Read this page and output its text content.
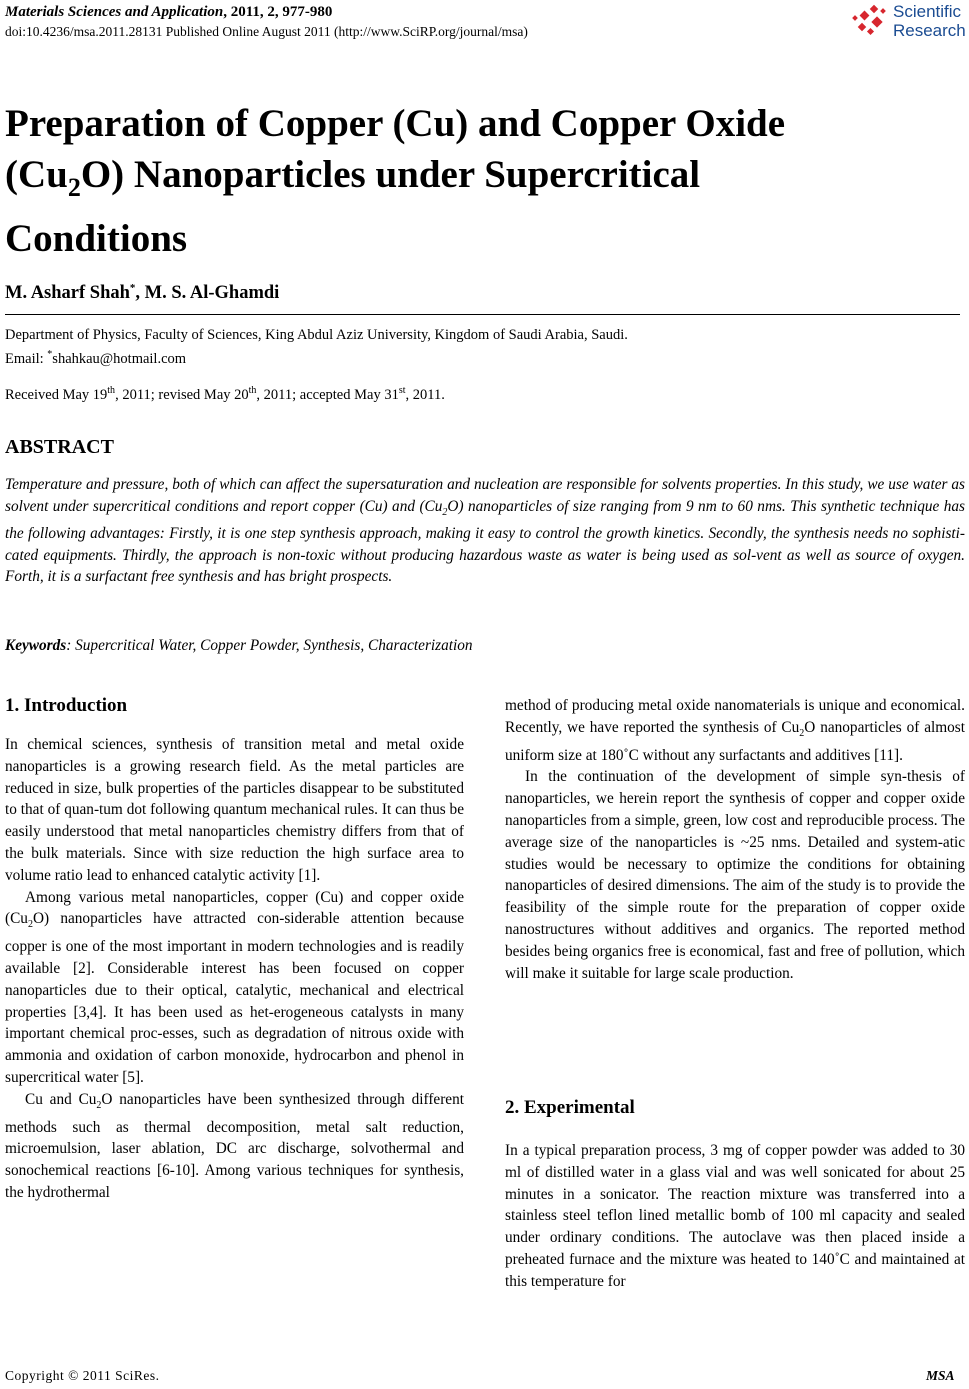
Materials Sciences and Application, 2011, 2, 977-980
doi:10.4236/msa.2011.28131 Published Online August 2011 (http://www.SciRP.org/journal/msa)
Scientific
Research
Preparation of Copper (Cu) and Copper Oxide
$(Cu_2O)$ Nanoparticles under Supercritical
Conditions
M. Asharf Shah*, M. S. Al-Ghamdi
Department of Physics, Faculty of Sciences, King Abdul Aziz University, Kingdom of Saudi Arabia, Saudi.
Email: *shahkau@hotmail.com
Received May 19th, 2011; revised May 20th, 2011; accepted May 31st, 2011.
ABSTRACT
Temperature and pressure, both of which can affect the supersaturation and nucleation are responsible for solvents properties. In this study, we use water as solvent under supercritical conditions and report copper (Cu) and $(Cu_2O)$ nanoparticles of size ranging from 9 nm to 60 nms. This synthetic technique has the following advantages: Firstly, it is one step synthesis approach, making it easy to control the growth kinetics. Secondly, the synthesis needs no sophisti-cated equipments. Thirdly, the approach is non-toxic without producing hazardous waste as water is being used as sol-vent as well as source of oxygen. Forth, it is a surfactant free synthesis and has bright prospects.
Keywords: Supercritical Water, Copper Powder, Synthesis, Characterization
1. Introduction

In chemical sciences, synthesis of transition metal and metal oxide nanoparticles is a growing research field. As the metal particles are reduced in size, bulk properties of the particles disappear to be substituted to that of quan-tum dot following quantum mechanical rules. It can thus be easily understood that metal nanoparticles chemistry differs from that of the bulk materials. Since with size reduction the high surface area to volume ratio lead to enhanced catalytic activity [1].

Among various metal nanoparticles, copper (Cu) and copper oxide $(Cu_2O)$ nanoparticles have attracted con-siderable attention because copper is one of the most important in modern technologies and is readily available [2]. Considerable interest has been focused on copper nanoparticles due to their optical, catalytic, mechanical and electrical properties [3,4]. It has been used as het-erogeneous catalysts in many important chemical proc-esses, such as degradation of nitrous oxide with ammonia and oxidation of carbon monoxide, hydrocarbon and phenol in supercritical water [5].

Cu and $Cu_2O$ nanoparticles have been synthesized through different methods such as thermal decomposition, metal salt reduction, microemulsion, laser ablation, DC arc discharge, solvothermal and sonochemical reactions [6-10]. Among various techniques for synthesis, the hydrothermal

method of producing metal oxide nanomaterials is unique and economical. Recently, we have reported the synthesis of $Cu_2O$ nanoparticles of almost uniform size at 180˚C without any surfactants and additives [11].

In the continuation of the development of simple syn-thesis of nanoparticles, we herein report the synthesis of copper and copper oxide nanoparticles from a simple, green, low cost and reproducible process. The average size of the nanoparticles is ~25 nms. Detailed and system-atic studies would be necessary to optimize the conditions for obtaining nanoparticles of desired dimensions. The aim of the study is to provide the feasibility of the simple route for the preparation of copper oxide nanostructures without additives and organics. The reported method besides being organics free is economical, fast and free of pollution, which will make it suitable for large scale production.

2. Experimental

In a typical preparation process, 3 mg of copper powder was added to 30 ml of distilled water in a glass vial and was well sonicated for about 25 minutes in a sonicator. The reaction mixture was transferred into a stainless steel teflon lined metallic bomb of 100 ml capacity and sealed under ordinary conditions. The autoclave was then placed inside a preheated furnace and the mixture was heated to 140˚C and maintained at this temperature for

Copyright © 2011 SciRes.	MSA
